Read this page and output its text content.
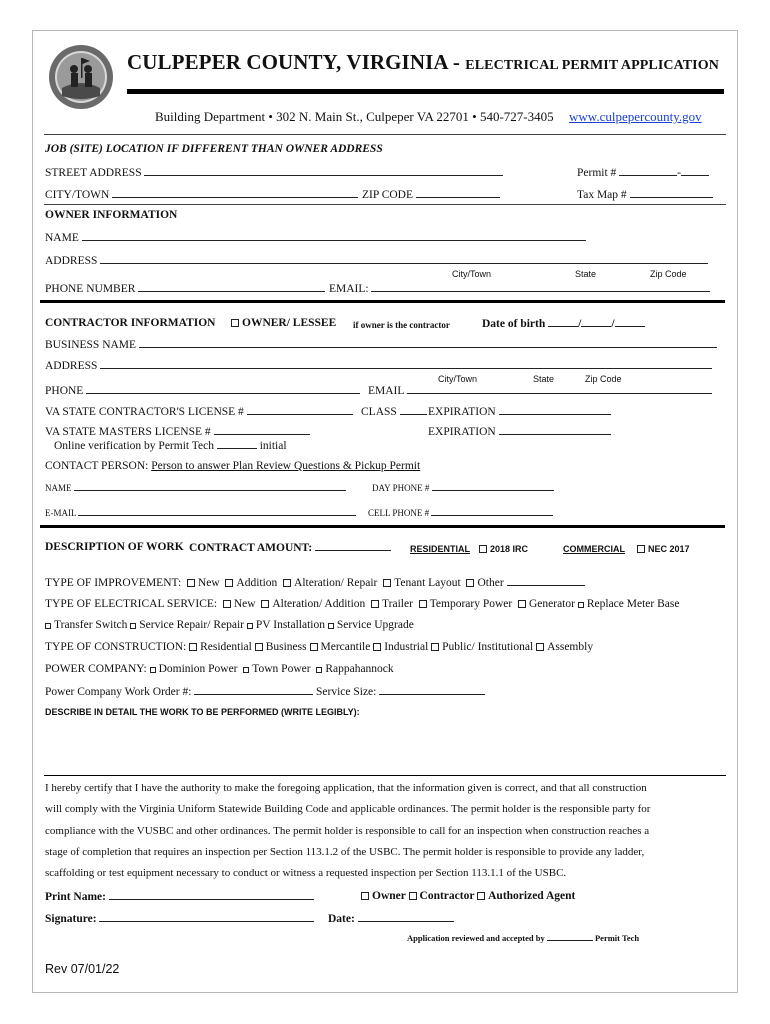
CULPEPER COUNTY, VIRGINIA - ELECTRICAL PERMIT APPLICATION
Building Department • 302 N. Main St., Culpeper VA 22701 • 540-727-3405 www.culpepercounty.gov
JOB (SITE) LOCATION IF DIFFERENT THAN OWNER ADDRESS
STREET ADDRESS	Permit #	-
CITY/TOWN	ZIP CODE	Tax Map #
OWNER INFORMATION
NAME
ADDRESS
City/Town	State	Zip Code
PHONE NUMBER	EMAIL:
CONTRACTOR INFORMATION	OWNER/ LESSEE if owner is the contractor	Date of birth	/	/
BUSINESS NAME
ADDRESS
City/Town	State	Zip Code
PHONE	EMAIL
VA STATE CONTRACTOR'S LICENSE #	CLASS	EXPIRATION
VA STATE MASTERS LICENSE #	EXPIRATION
Online verification by Permit Tech	initial
CONTACT PERSON: Person to answer Plan Review Questions & Pickup Permit
NAME	DAY PHONE #
E-MAIL	CELL PHONE #
DESCRIPTION OF WORK CONTRACT AMOUNT:	RESIDENTIAL	2018 IRC	COMMERCIAL	NEC 2017
TYPE OF IMPROVEMENT: New Addition Alteration/ Repair Tenant Layout Other
TYPE OF ELECTRICAL SERVICE: New Alteration/ Addition Trailer Temporary Power Generator Replace Meter Base
Transfer Switch Service Repair/ Repair PV Installation Service Upgrade
TYPE OF CONSTRUCTION: Residential Business Mercantile Industrial Public/ Institutional Assembly
POWER COMPANY: Dominion Power Town Power Rappahannock
Power Company Work Order #:	Service Size:
DESCRIBE IN DETAIL THE WORK TO BE PERFORMED (WRITE LEGIBLY):
I hereby certify that I have the authority to make the foregoing application, that the information given is correct, and that all construction
will comply with the Virginia Uniform Statewide Building Code and applicable ordinances. The permit holder is the responsible party for
compliance with the VUSBC and other ordinances. The permit holder is responsible to call for an inspection when construction reaches a
stage of completion that requires an inspection per Section 113.1.2 of the USBC. The permit holder is responsible to provide any ladder,
scaffolding or test equipment necessary to conduct or witness a requested inspection per Section 113.1.1 of the USBC.
Print Name:	Owner Contractor Authorized Agent
Signature:	Date:
Application reviewed and accepted by	Permit Tech
Rev 07/01/22
